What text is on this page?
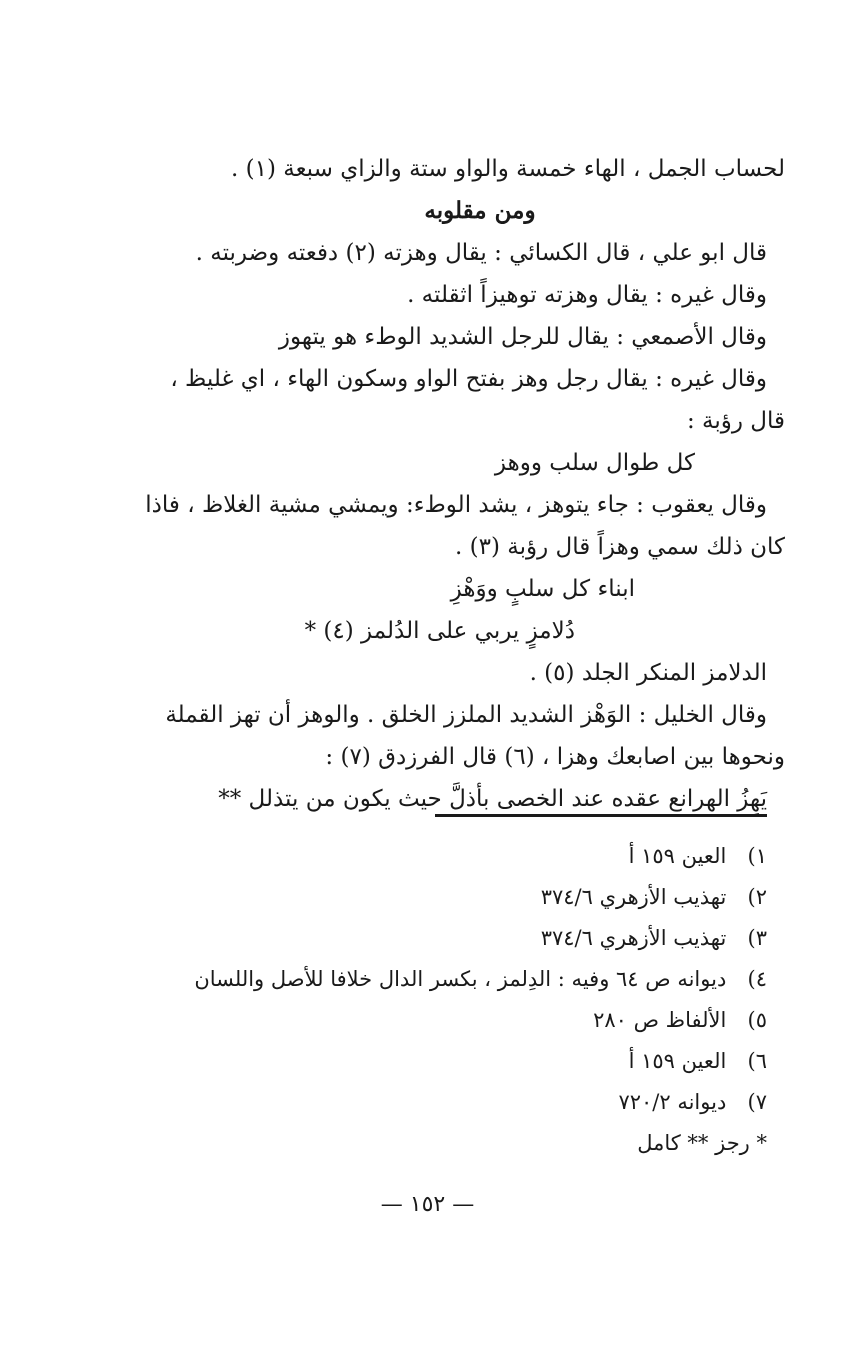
لحساب الجمل ، الهاء خمسة والواو ستة والزاي سبعة (١) .
ومن مقلوبه
قال ابو علي ، قال الكسائي : يقال وهزته (٢) دفعته وضربته .
وقال غيره : يقال وهزته توهيزاً اثقلته .
وقال الأصمعي : يقال للرجل الشديد الوطء هو يتهوز
وقال غيره : يقال رجل وهز بفتح الواو وسكون الهاء ، اي غليظ ،
قال رؤبة :
كل طوال سلب ووهز
وقال يعقوب : جاء يتوهز ، يشد الوطء: ويمشي مشية الغلاظ ، فاذا
كان ذلك سمي وهزاً قال رؤبة (٣) .
ابناء كل سلبٍ ووَهْزِ
دُلامزٍ يربي على الدُلمز (٤) *
الدلامز المنكر الجلد (٥) .
وقال الخليل : الوَهْز الشديد الملزز الخلق . والوهز أن تهز القملة
ونحوها بين اصابعك وهزا ، (٦) قال الفرزدق (٧) :
يَهِزُ الهرانع عقده عند الخصى بأذلَّ حيث يكون من يتذلل **
١) العين ١٥٩ أ
٢) تهذيب الأزهري ٣٧٤/٦
٣) تهذيب الأزهري ٣٧٤/٦
٤) ديوانه ص ٦٤ وفيه : الدِلمز ، بكسر الدال خلافا للأصل واللسان
٥) الألفاظ ص ٢٨٠
٦) العين ١٥٩ أ
٧) ديوانه ٧٢٠/٢
* رجز ** كامل
— ١٥٢ —
